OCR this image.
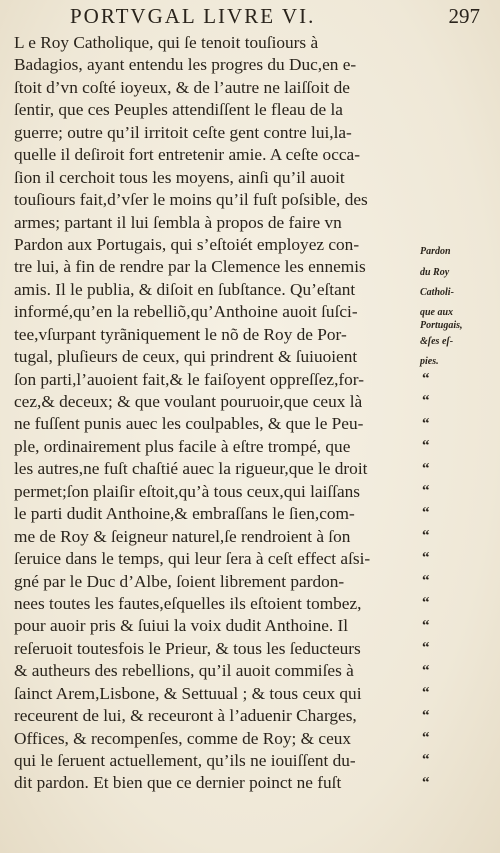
PORTVGAL LIVRE VI.	297
L e Roy Catholique, qui ſe tenoit touſiours à
Badagios, ayant entendu les progres du Duc,en e-
ſtoit d’vn coſté ioyeux, & de l’autre ne laiſſoit de
ſentir, que ces Peuples attendiſſent le fleau de la
guerre; outre qu’il irritoit ceſte gent contre lui,la-
quelle il deſiroit fort entretenir amie. A ceſte occa-
ſion il cerchoit tous les moyens, ainſi qu’il auoit
touſiours fait,d’vſer le moins qu’il fuſt poſsible, des
armes; partant il lui ſembla à propos de faire vn
Pardon aux Portugais, qui s’eſtoiét employez con-
tre lui, à fin de rendre par la Clemence les ennemis
amis. Il le publia, & diſoit en ſubſtance. Qu’eſtant
informé,qu’en la rebelliõ,qu’Anthoine auoit ſuſci-
tee,vſurpant tyrãniquement le nõ de Roy de Por-
tugal, pluſieurs de ceux, qui prindrent & ſuiuoient
ſon parti,l’auoient fait,& le faiſoyent oppreſſez,for-
cez,& deceux; & que voulant pouruoir,que ceux là
ne fuſſent punis auec les coulpables, & que le Peu-
ple, ordinairement plus facile à eſtre trompé, que
les autres,ne fuſt chaſtié auec la rigueur,que le droit
permet;ſon plaiſir eſtoit,qu’à tous ceux,qui laiſſans
le parti dudit Anthoine,& embraſſans le ſien,com-
me de Roy & ſeigneur naturel,ſe rendroient à ſon
ſeruice dans le temps, qui leur ſera à ceſt effect aſsi-
gné par le Duc d’Albe, ſoient librement pardon-
nees toutes les fautes,eſquelles ils eſtoient tombez,
pour auoir pris & ſuiui la voix dudit Anthoine. Il
reſeruoit toutesfois le Prieur, & tous les ſeducteurs
& autheurs des rebellions, qu’il auoit commiſes à
ſainct Arem,Lisbone, & Settuual ; & tous ceux qui
receurent de lui, & receuront à l’aduenir Charges,
Offices, & recompenſes, comme de Roy; & ceux
qui le ſeruent actuellement, qu’ils ne iouiſſent du-
dit pardon. Et bien que ce dernier poinct ne fuſt
Pardon
du Roy
Catholi-
que aux
Portugais,
&ſes eſ-
pies.
“
“
“
“
“
“
“
“
“
“
“
“
“
“
“
“
“
“
“
